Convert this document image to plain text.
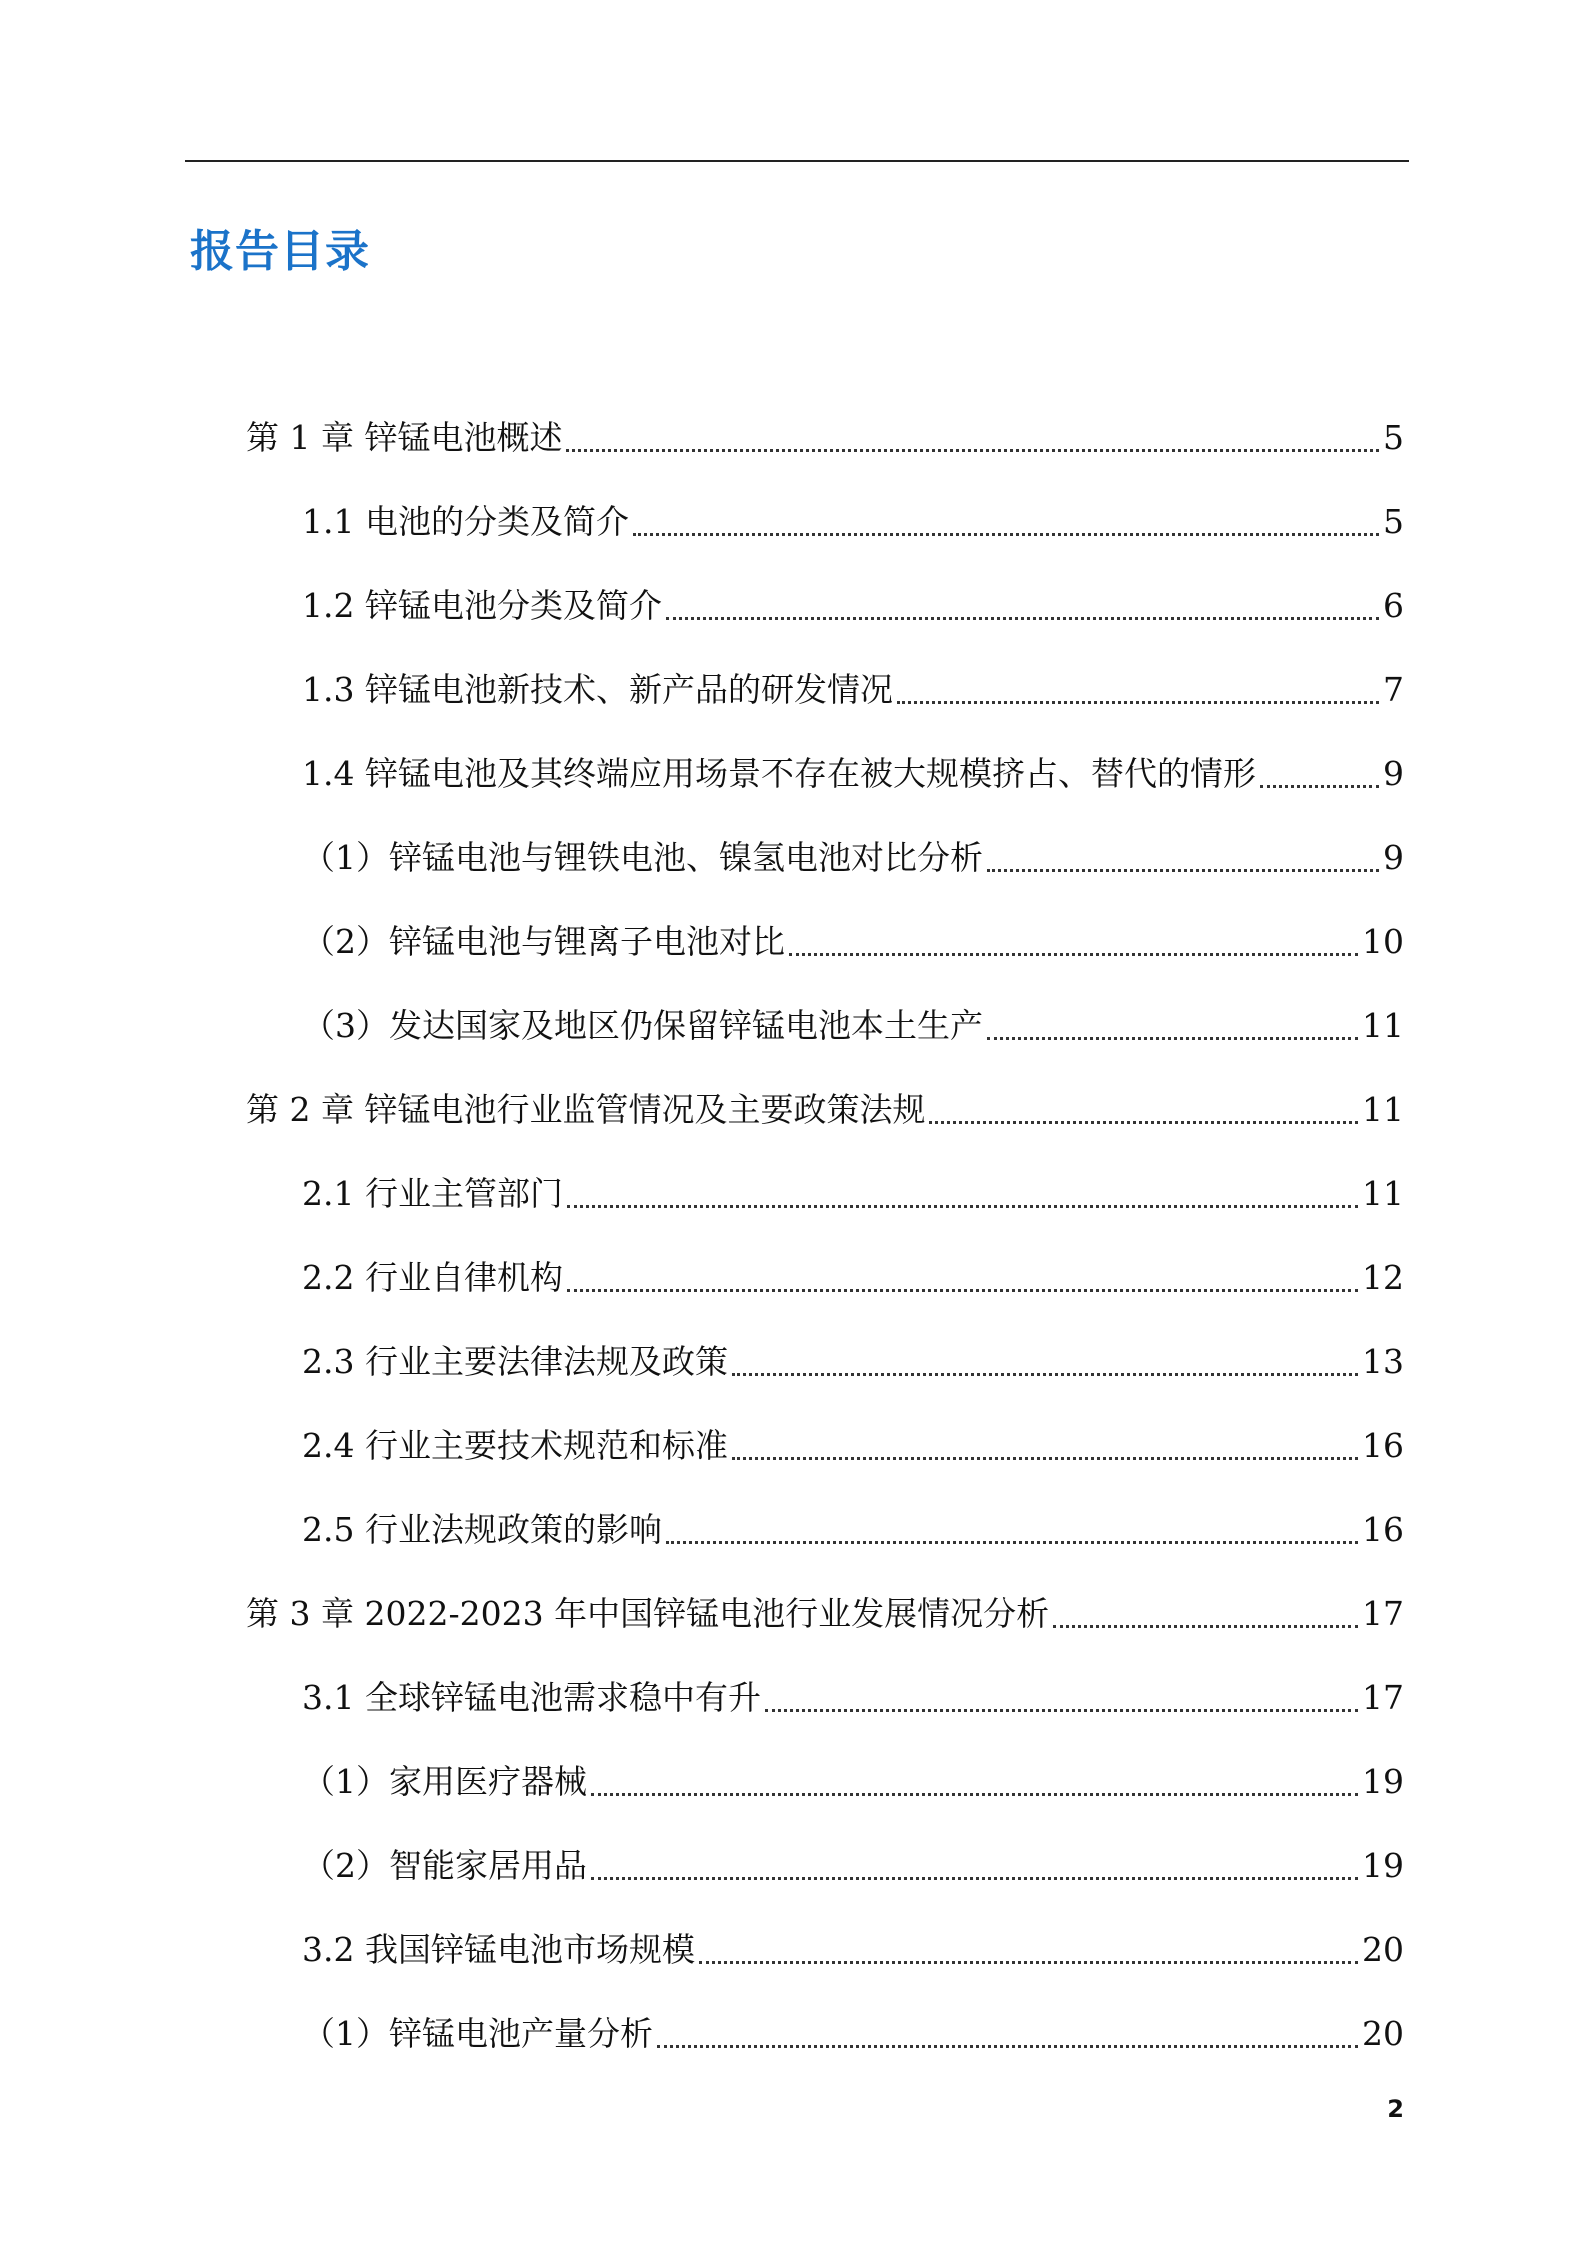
报告目录
第 1 章 锌锰电池概述	5
1.1 电池的分类及简介	5
1.2 锌锰电池分类及简介	6
1.3 锌锰电池新技术、新产品的研发情况	7
1.4 锌锰电池及其终端应用场景不存在被大规模挤占、替代的情形	9
（1）锌锰电池与锂铁电池、镍氢电池对比分析	9
（2）锌锰电池与锂离子电池对比	10
（3）发达国家及地区仍保留锌锰电池本土生产	11
第 2 章 锌锰电池行业监管情况及主要政策法规	11
2.1 行业主管部门	11
2.2 行业自律机构	12
2.3 行业主要法律法规及政策	13
2.4 行业主要技术规范和标准	16
2.5 行业法规政策的影响	16
第 3 章 2022-2023 年中国锌锰电池行业发展情况分析	17
3.1 全球锌锰电池需求稳中有升	17
（1）家用医疗器械	19
（2）智能家居用品	19
3.2 我国锌锰电池市场规模	20
（1）锌锰电池产量分析	20
2
